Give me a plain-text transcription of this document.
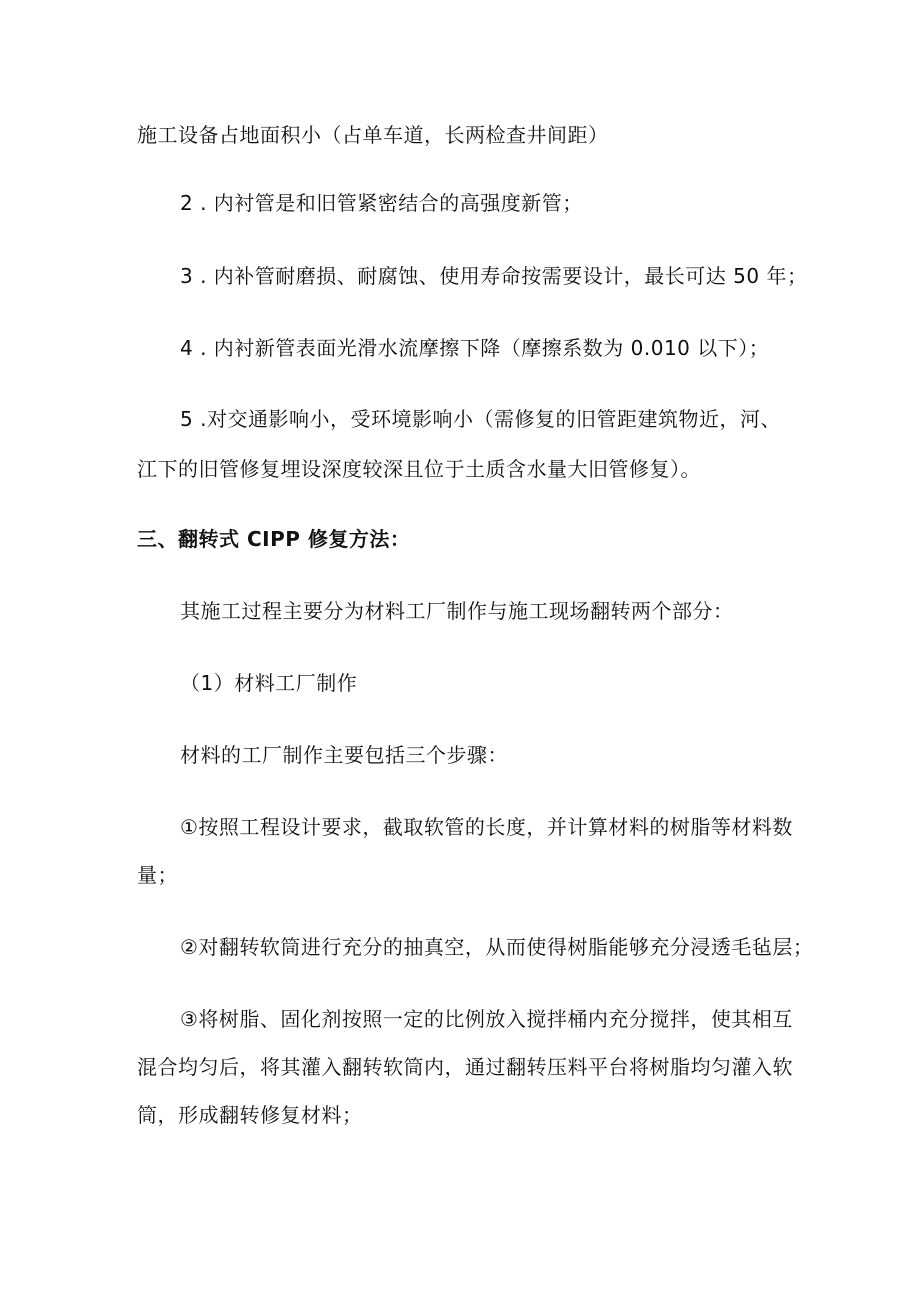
施工设备占地面积小（占单车道，长两检查井间距）
2 . 内衬管是和旧管紧密结合的高强度新管；
3 . 内补管耐磨损、耐腐蚀、使用寿命按需要设计，最长可达 50 年；
4 . 内衬新管表面光滑水流摩擦下降（摩擦系数为 0.010 以下）；
5 .对交通影响小，受环境影响小（需修复的旧管距建筑物近，河、
江下的旧管修复埋设深度较深且位于土质含水量大旧管修复）。
三、翻转式 CIPP 修复方法：
其施工过程主要分为材料工厂制作与施工现场翻转两个部分：
（1）材料工厂制作
材料的工厂制作主要包括三个步骤：
①按照工程设计要求，截取软管的长度，并计算材料的树脂等材料数
量；
②对翻转软筒进行充分的抽真空，从而使得树脂能够充分浸透毛毡层；
③将树脂、固化剂按照一定的比例放入搅拌桶内充分搅拌，使其相互
混合均匀后，将其灌入翻转软筒内，通过翻转压料平台将树脂均匀灌入软
筒，形成翻转修复材料；
